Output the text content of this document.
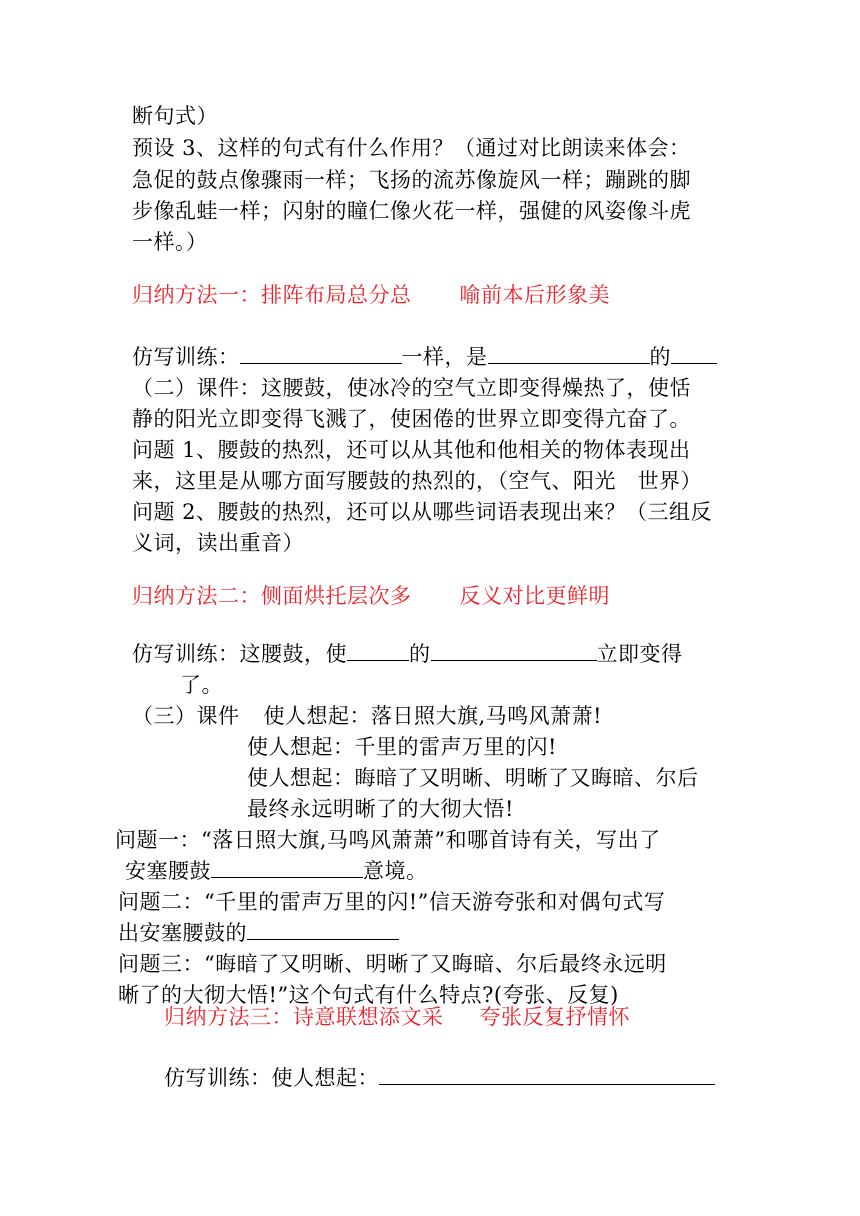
断句式）
预设 3、这样的句式有什么作用？（通过对比朗读来体会：
急促的鼓点像骤雨一样；飞扬的流苏像旋风一样；蹦跳的脚
步像乱蛙一样；闪射的瞳仁像火花一样，强健的风姿像斗虎
一样。）
归纳方法一：排阵布局总分总 喻前本后形象美
仿写训练：	一样，是	的
（二）课件：这腰鼓，使冰冷的空气立即变得燥热了，使恬
静的阳光立即变得飞溅了，使困倦的世界立即变得亢奋了。
问题 1、腰鼓的热烈，还可以从其他和他相关的物体表现出
来，这里是从哪方面写腰鼓的热烈的，（空气、阳光　世界）
问题 2、腰鼓的热烈，还可以从哪些词语表现出来？（三组反
义词，读出重音）
归纳方法二：侧面烘托层次多 反义对比更鲜明
仿写训练：这腰鼓，使	的	立即变得
了。
（三）课件 使人想起：落日照大旗,马鸣风萧萧!
使人想起：千里的雷声万里的闪!
使人想起：晦暗了又明晰、明晰了又晦暗、尔后
最终永远明晰了的大彻大悟!
问题一：“落日照大旗,马鸣风萧萧”和哪首诗有关，写出了
安塞腰鼓	意境。
问题二：“千里的雷声万里的闪!”信天游夸张和对偶句式写
出安塞腰鼓的
问题三：“晦暗了又明晰、明晰了又晦暗、尔后最终永远明
晰了的大彻大悟!”这个句式有什么特点?(夸张、反复)
归纳方法三：诗意联想添文采 夸张反复抒情怀
仿写训练：使人想起：
